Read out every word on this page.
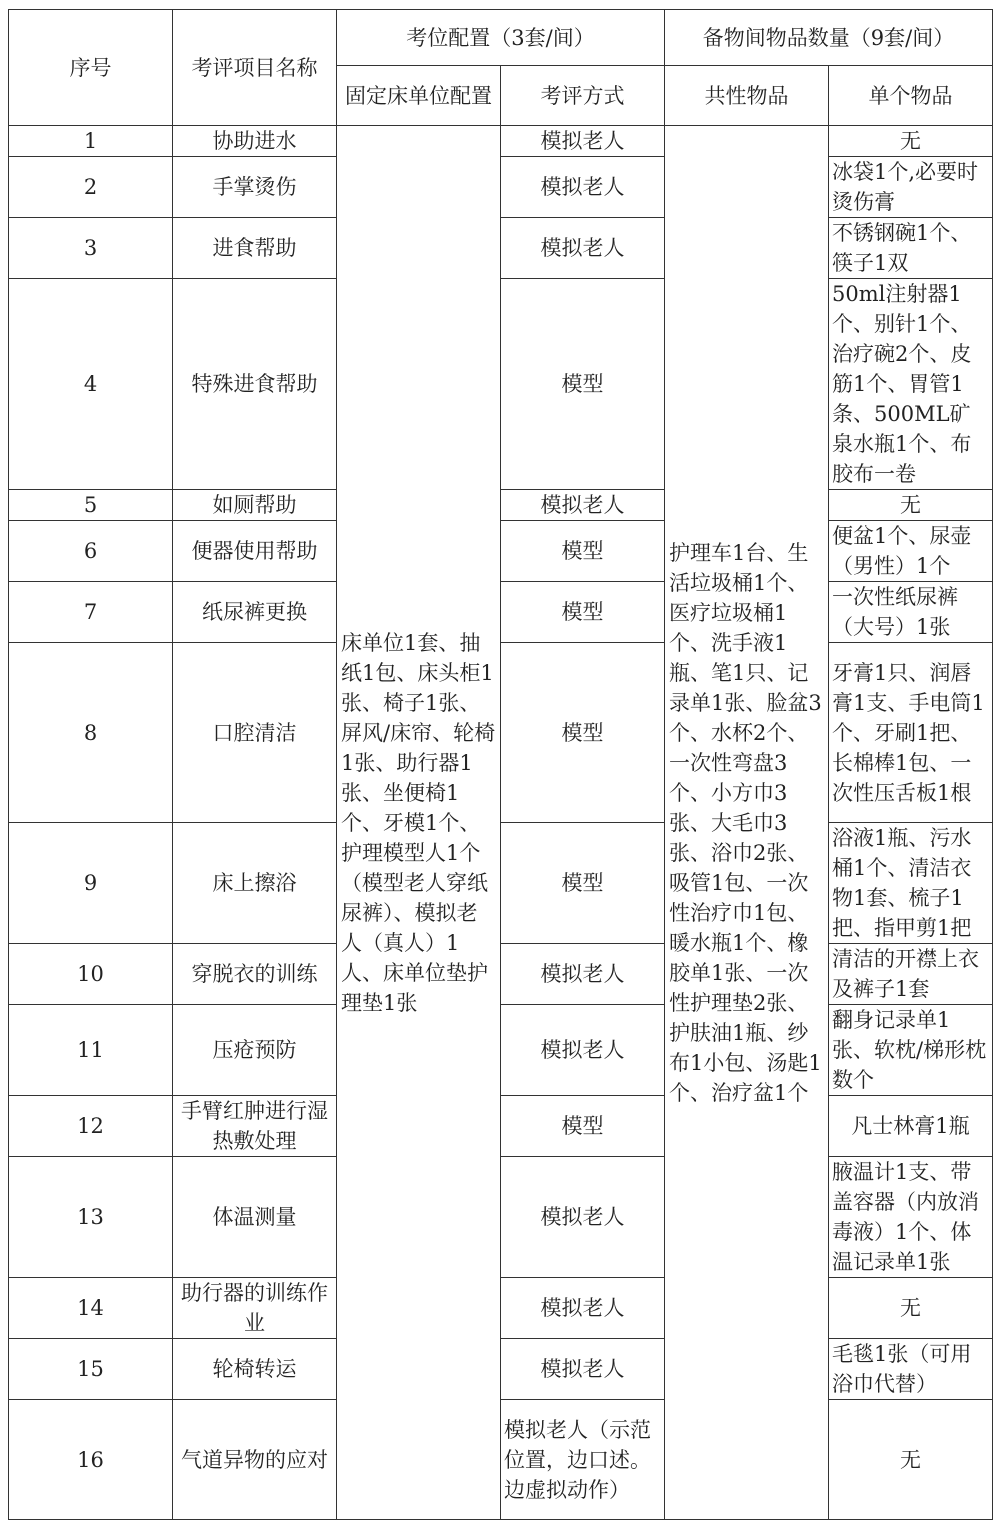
序号	考评项目名称	考位配置（3套/间）		备物间物品数量（9套/间）	
		固定床单位配置	考评方式	共性物品	单个物品
1	协助进水	床单位1套、抽纸1包、床头柜1张、椅子1张、屏风/床帘、轮椅1张、助行器1张、坐便椅1个、牙模1个、护理模型人1个（模型老人穿纸尿裤）、模拟老人（真人）1人、床单位垫护理垫1张	模拟老人	护理车1台、生活垃圾桶1个、医疗垃圾桶1个、洗手液1瓶、笔1只、记录单1张、脸盆3个、水杯2个、一次性弯盘3个、小方巾3张、大毛巾3张、浴巾2张、吸管1包、一次性治疗巾1包、暖水瓶1个、橡胶单1张、一次性护理垫2张、护肤油1瓶、纱布1小包、汤匙1个、治疗盆1个	无
2	手掌烫伤		模拟老人		冰袋1个,必要时烫伤膏
3	进食帮助		模拟老人		不锈钢碗1个、筷子1双
4	特殊进食帮助		模型		50ml注射器1个、别针1个、治疗碗2个、皮筋1个、胃管1条、500ML矿泉水瓶1个、布胶布一卷
5	如厕帮助		模拟老人		无
6	便器使用帮助		模型		便盆1个、尿壶（男性）1个
7	纸尿裤更换		模型		一次性纸尿裤（大号）1张
8	口腔清洁		模型		牙膏1只、润唇膏1支、手电筒1个、牙刷1把、长棉棒1包、一次性压舌板1根
9	床上擦浴		模型		浴液1瓶、污水桶1个、清洁衣物1套、梳子1把、指甲剪1把
10	穿脱衣的训练		模拟老人		清洁的开襟上衣及裤子1套
11	压疮预防		模拟老人		翻身记录单1张、软枕/梯形枕数个
12	手臂红肿进行湿热敷处理		模型		凡士林膏1瓶
13	体温测量		模拟老人		腋温计1支、带盖容器（内放消毒液）1个、体温记录单1张
14	助行器的训练作业		模拟老人		无
15	轮椅转运		模拟老人		毛毯1张（可用浴巾代替）
16	气道异物的应对		模拟老人（示范位置，边口述。边虚拟动作）		无
